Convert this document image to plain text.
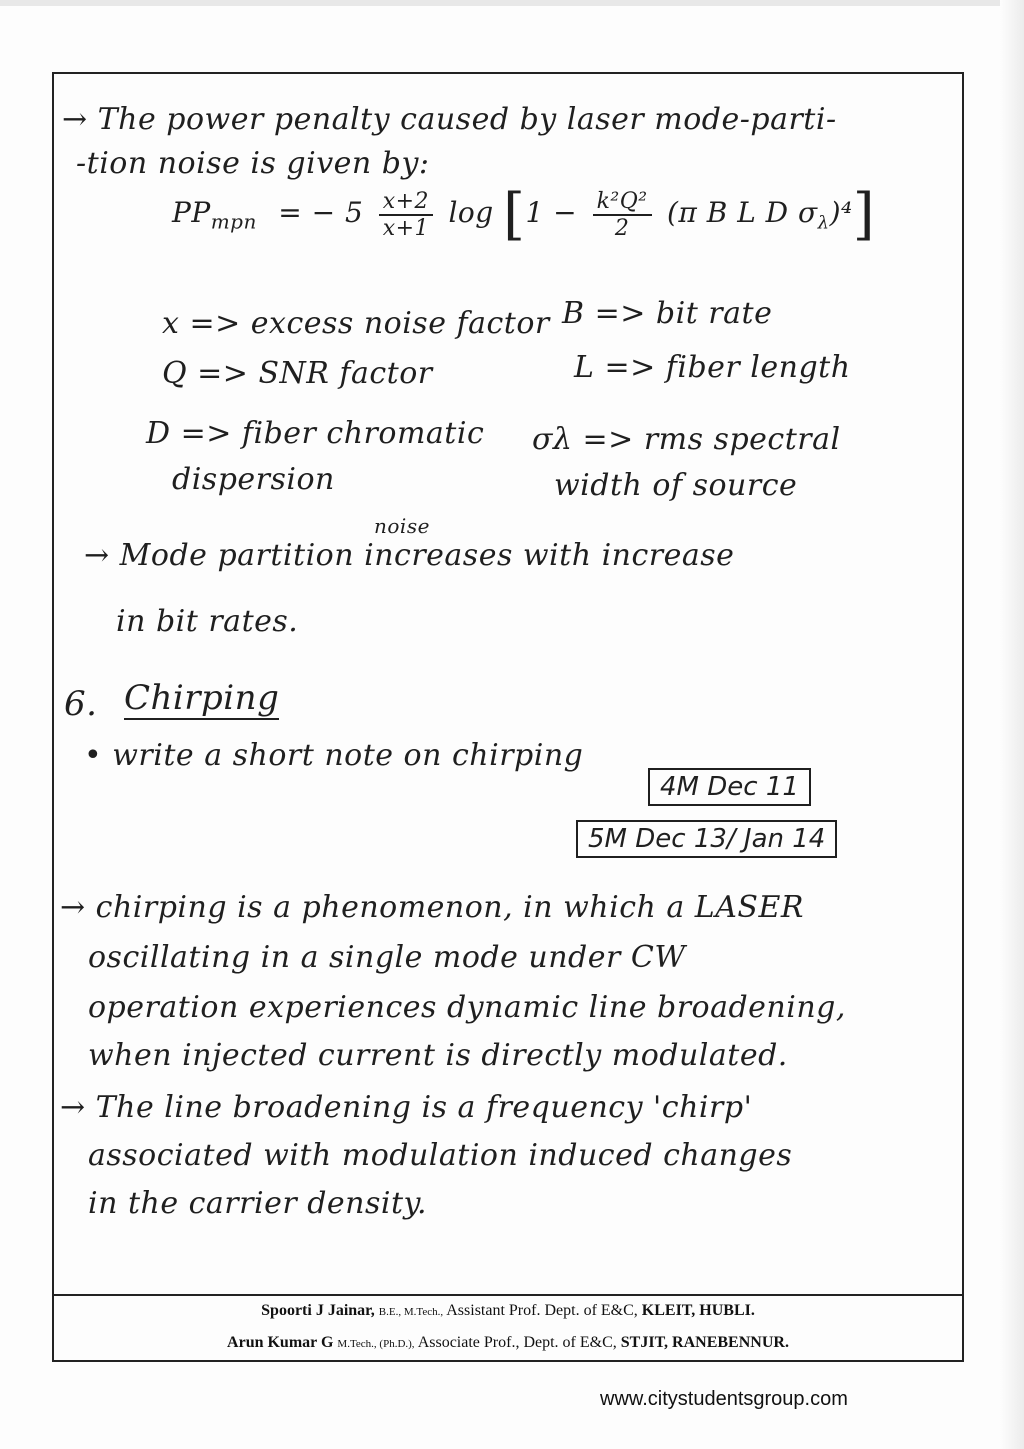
→ The power penalty caused by laser mode-parti-
-tion noise is given by:
$PP_{mpn}$ = − $5 \frac{x+2}{x+1}$ $\log [1 - \frac{\text{k²Q²}}{2} (\pi$ B L D $\sigma_\lambda)^4$]
x => excess noise factor B => bit rate
Q => SNR factor	L => fiber length
D => fiber chromatic
dispersion
σλ => rms spectral
width of source
noise
→ Mode partition increases with increase
in bit rates.
6. Chirping
• write a short note on chirping
4M Dec 11
5M Dec 13/ Jan 14
→ chirping is a phenomenon, in which a LASER
oscillating in a single mode under CW
operation experiences dynamic line broadening,
when injected current is directly modulated.
→ The line broadening is a frequency 'chirp'
associated with modulation induced changes
in the carrier density.
Spoorti J Jainar, B.E., M.Tech., Assistant Prof. Dept. of E&C, KLEIT, HUBLI.
Arun Kumar G M.Tech., (Ph.D.), Associate Prof., Dept. of E&C, STJIT, RANEBENNUR.
www.citystudentsgroup.com
